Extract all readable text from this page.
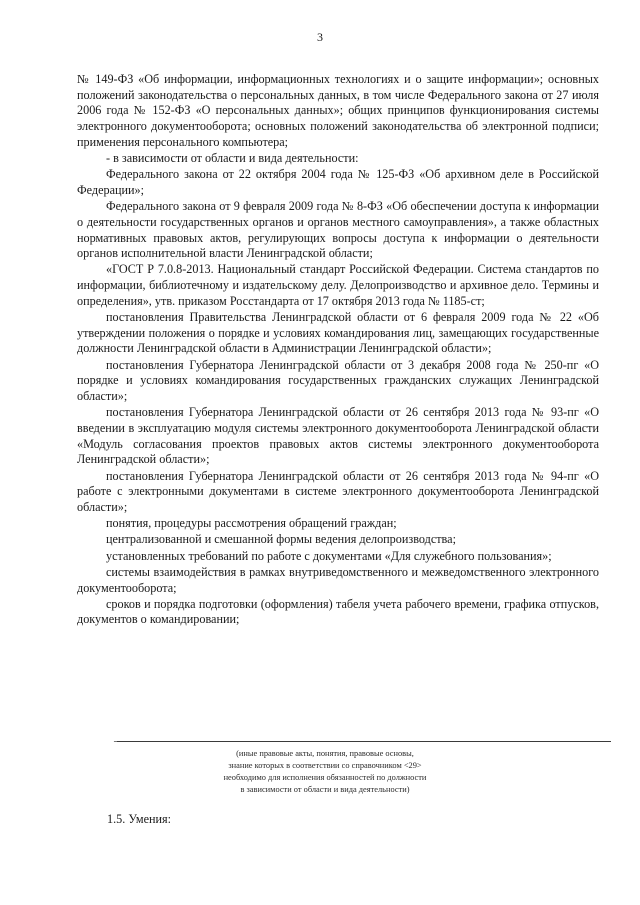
3

№ 149-ФЗ «Об информации, информационных технологиях и о защите информации»; основных положений законодательства о персональных данных, в том числе Федерального закона от 27 июля 2006 года № 152-ФЗ «О персональных данных»; общих принципов функционирования системы электронного документооборота; основных положений законодательства об электронной подписи; применения персонального компьютера;

- в зависимости от области и вида деятельности:

Федерального закона от 22 октября 2004 года № 125-ФЗ «Об архивном деле в Российской Федерации»;

Федерального закона от 9 февраля 2009 года № 8-ФЗ «Об обеспечении доступа к информации о деятельности государственных органов и органов местного самоуправления», а также областных нормативных правовых актов, регулирующих вопросы доступа к информации о деятельности органов исполнительной власти Ленинградской области;

«ГОСТ Р 7.0.8-2013. Национальный стандарт Российской Федерации. Система стандартов по информации, библиотечному и издательскому делу. Делопроизводство и архивное дело. Термины и определения», утв. приказом Росстандарта от 17 октября 2013 года № 1185-ст;

постановления Правительства Ленинградской области от 6 февраля 2009 года № 22 «Об утверждении положения о порядке и условиях командирования лиц, замещающих государственные должности Ленинградской области в Администрации Ленинградской области»;

постановления Губернатора Ленинградской области от 3 декабря 2008 года № 250-пг «О порядке и условиях командирования государственных гражданских служащих Ленинградской области»;

постановления Губернатора Ленинградской области от 26 сентября 2013 года № 93-пг «О введении в эксплуатацию модуля системы электронного документооборота Ленинградской области «Модуль согласования проектов правовых актов системы электронного документооборота Ленинградской области»;

постановления Губернатора Ленинградской области от 26 сентября 2013 года № 94-пг «О работе с электронными документами в системе электронного документооборота Ленинградской области»;

понятия, процедуры рассмотрения обращений граждан;

централизованной и смешанной формы ведения делопроизводства;

установленных требований по работе с документами «Для служебного пользования»;

системы взаимодействия в рамках внутриведомственного и межведомственного электронного документооборота;

сроков и порядка подготовки (оформления) табеля учета рабочего времени, графика отпусков, документов о командировании;

—
(иные правовые акты, понятия, правовые основы,
знание которых в соответствии со справочником <29>
необходимо для исполнения обязанностей по должности
в зависимости от области и вида деятельности)
1.5. Умения:
